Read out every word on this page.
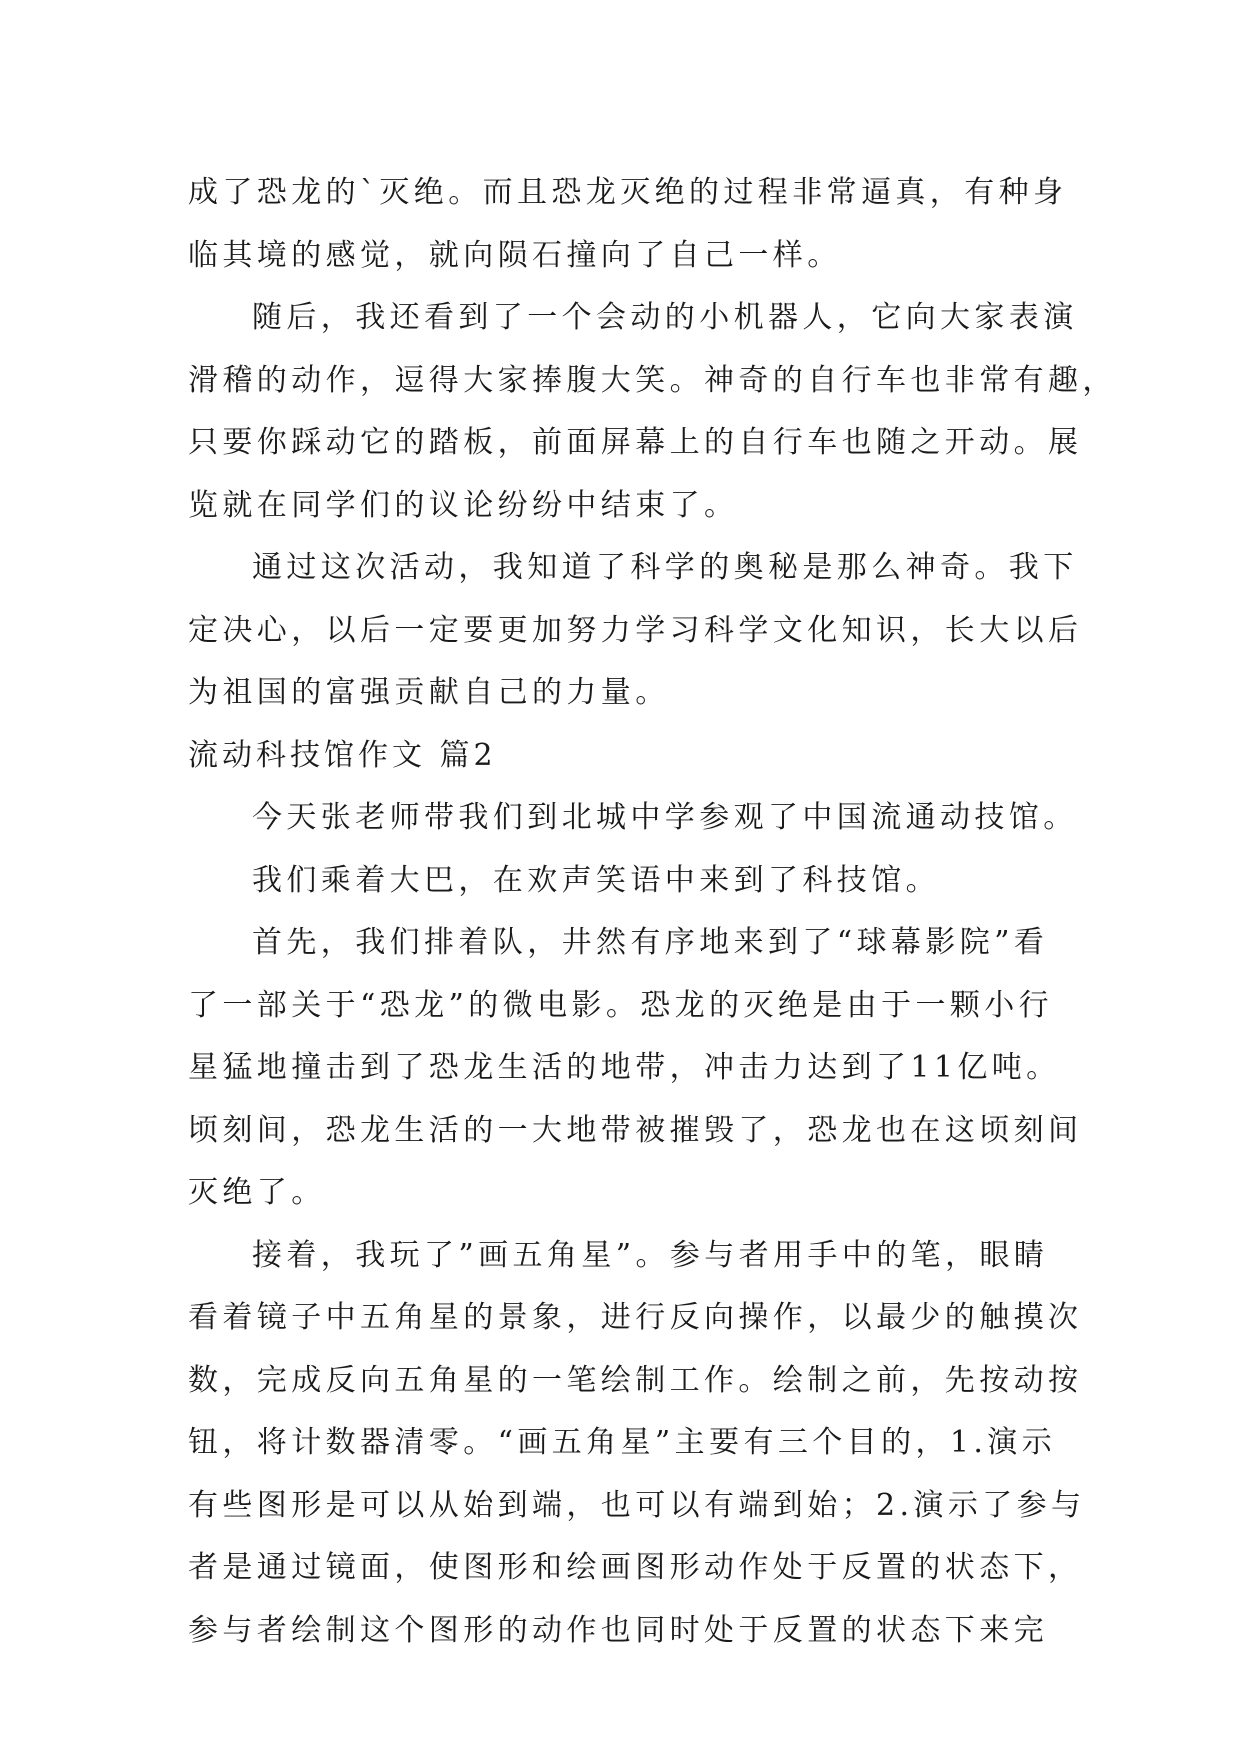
成了恐龙的`灭绝。而且恐龙灭绝的过程非常逼真，有种身
临其境的感觉，就向陨石撞向了自己一样。
随后，我还看到了一个会动的小机器人，它向大家表演
滑稽的动作，逗得大家捧腹大笑。神奇的自行车也非常有趣，
只要你踩动它的踏板，前面屏幕上的自行车也随之开动。展
览就在同学们的议论纷纷中结束了。
通过这次活动，我知道了科学的奥秘是那么神奇。我下
定决心，以后一定要更加努力学习科学文化知识，长大以后
为祖国的富强贡献自己的力量。
流动科技馆作文 篇2
今天张老师带我们到北城中学参观了中国流通动技馆。
我们乘着大巴，在欢声笑语中来到了科技馆。
首先，我们排着队，井然有序地来到了“球幕影院”看
了一部关于“恐龙”的微电影。恐龙的灭绝是由于一颗小行
星猛地撞击到了恐龙生活的地带，冲击力达到了11亿吨。
顷刻间，恐龙生活的一大地带被摧毁了，恐龙也在这顷刻间
灭绝了。
接着，我玩了”画五角星”。参与者用手中的笔，眼睛
看着镜子中五角星的景象，进行反向操作，以最少的触摸次
数，完成反向五角星的一笔绘制工作。绘制之前，先按动按
钮，将计数器清零。“画五角星”主要有三个目的，1.演示
有些图形是可以从始到端，也可以有端到始；2.演示了参与
者是通过镜面，使图形和绘画图形动作处于反置的状态下，
参与者绘制这个图形的动作也同时处于反置的状态下来完
